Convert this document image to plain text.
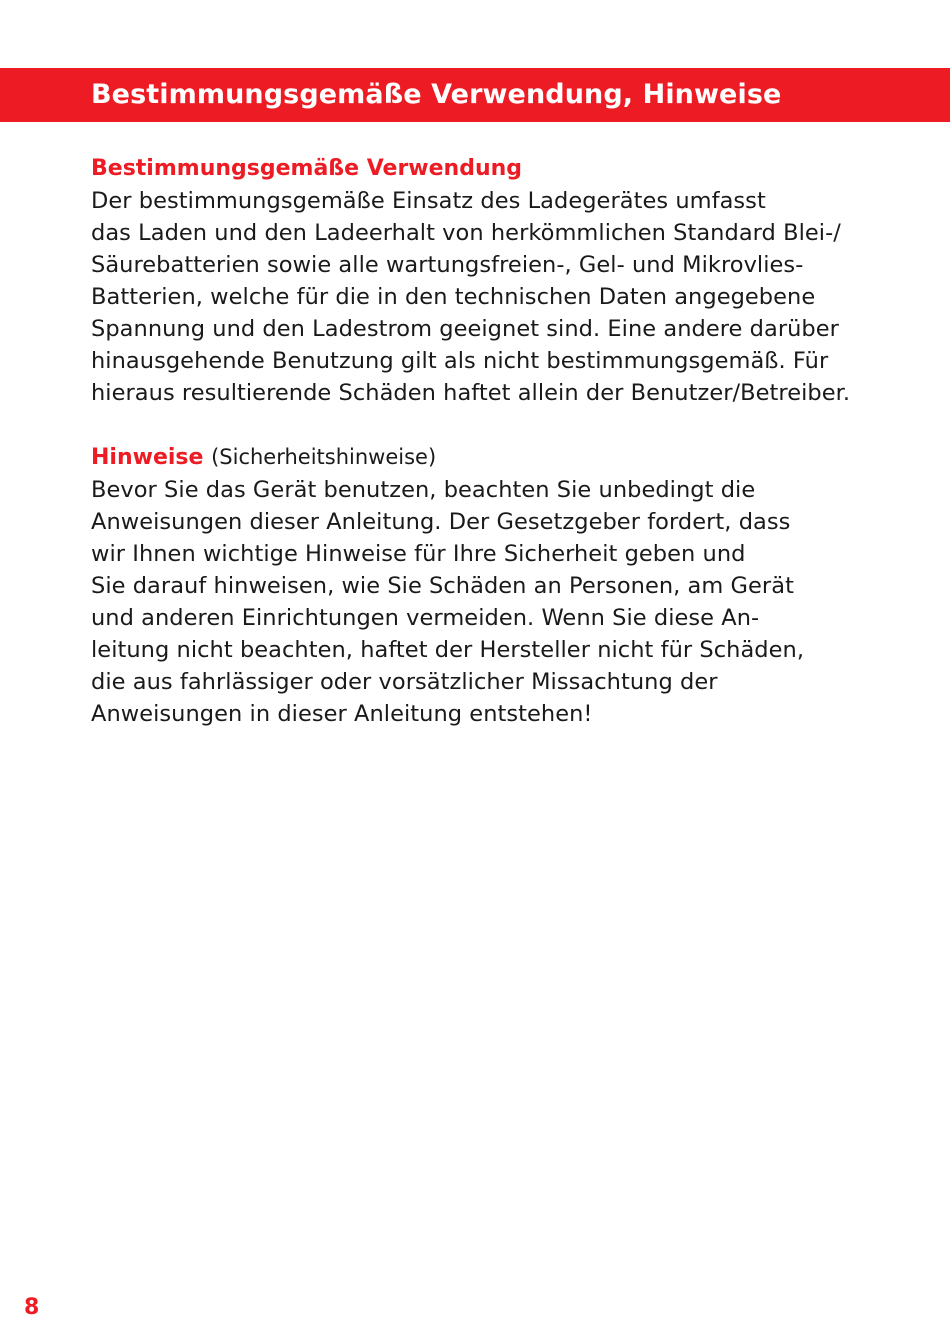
Bestimmungsgemäße Verwendung, Hinweise
Bestimmungsgemäße Verwendung
Der bestimmungsgemäße Einsatz des Ladegerätes umfasst
das Laden und den Ladeerhalt von herkömmlichen Standard Blei-/
Säurebatterien sowie alle wartungsfreien-, Gel- und Mikrovlies-
Batterien, welche für die in den technischen Daten angegebene
Spannung und den Ladestrom geeignet sind. Eine andere darüber
hinausgehende Benutzung gilt als nicht bestimmungsgemäß. Für
hieraus resultierende Schäden haftet allein der Benutzer/Betreiber.
Hinweise (Sicherheitshinweise)
Bevor Sie das Gerät benutzen, beachten Sie unbedingt die
Anweisungen dieser Anleitung. Der Gesetzgeber fordert, dass
wir Ihnen wichtige Hinweise für Ihre Sicherheit geben und
Sie darauf hinweisen, wie Sie Schäden an Personen, am Gerät
und anderen Einrichtungen vermeiden. Wenn Sie diese An-
leitung nicht beachten, haftet der Hersteller nicht für Schäden,
die aus fahrlässiger oder vorsätzlicher Missachtung der
Anweisungen in dieser Anleitung entstehen!
8
